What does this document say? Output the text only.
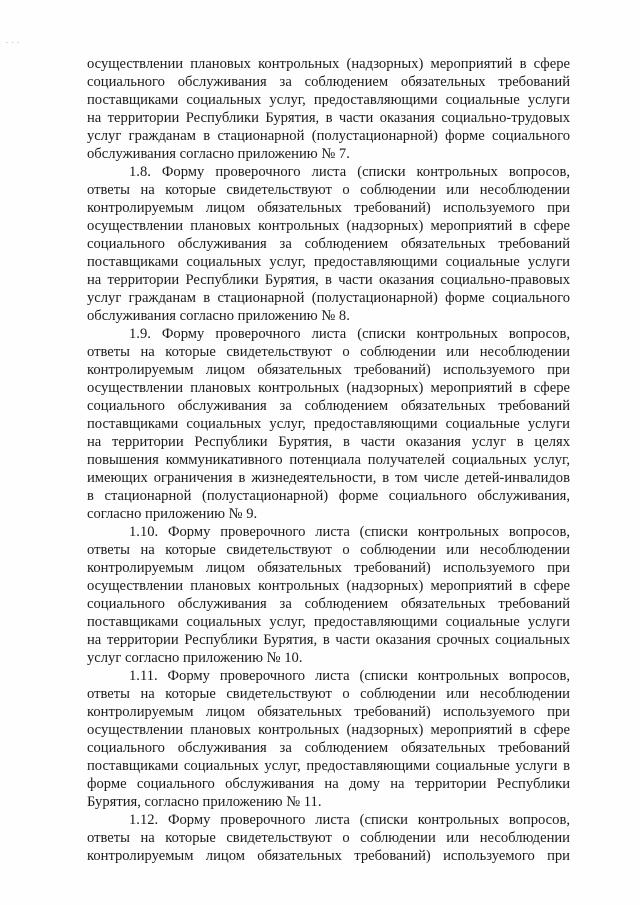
- - -
осуществлении плановых контрольных (надзорных) мероприятий в сфере
социального обслуживания за соблюдением обязательных требований
поставщиками социальных услуг, предоставляющими социальные услуги
на территории Республики Бурятия, в части оказания социально-трудовых
услуг гражданам в стационарной (полустационарной) форме социального
обслуживания согласно приложению № 7.
1.8. Форму проверочного листа (списки контрольных вопросов,
ответы на которые свидетельствуют о соблюдении или несоблюдении
контролируемым лицом обязательных требований) используемого при
осуществлении плановых контрольных (надзорных) мероприятий в сфере
социального обслуживания за соблюдением обязательных требований
поставщиками социальных услуг, предоставляющими социальные услуги
на территории Республики Бурятия, в части оказания социально-правовых
услуг гражданам в стационарной (полустационарной) форме социального
обслуживания согласно приложению № 8.
1.9. Форму проверочного листа (списки контрольных вопросов,
ответы на которые свидетельствуют о соблюдении или несоблюдении
контролируемым лицом обязательных требований) используемого при
осуществлении плановых контрольных (надзорных) мероприятий в сфере
социального обслуживания за соблюдением обязательных требований
поставщиками социальных услуг, предоставляющими социальные услуги
на территории Республики Бурятия, в части оказания услуг в целях
повышения коммуникативного потенциала получателей социальных услуг,
имеющих ограничения в жизнедеятельности, в том числе детей-инвалидов
в стационарной (полустационарной) форме социального обслуживания,
согласно приложению № 9.
1.10. Форму проверочного листа (списки контрольных вопросов,
ответы на которые свидетельствуют о соблюдении или несоблюдении
контролируемым лицом обязательных требований) используемого при
осуществлении плановых контрольных (надзорных) мероприятий в сфере
социального обслуживания за соблюдением обязательных требований
поставщиками социальных услуг, предоставляющими социальные услуги
на территории Республики Бурятия, в части оказания срочных социальных
услуг согласно приложению № 10.
1.11. Форму проверочного листа (списки контрольных вопросов,
ответы на которые свидетельствуют о соблюдении или несоблюдении
контролируемым лицом обязательных требований) используемого при
осуществлении плановых контрольных (надзорных) мероприятий в сфере
социального обслуживания за соблюдением обязательных требований
поставщиками социальных услуг, предоставляющими социальные услуги в
форме социального обслуживания на дому на территории Республики
Бурятия, согласно приложению № 11.
1.12. Форму проверочного листа (списки контрольных вопросов,
ответы на которые свидетельствуют о соблюдении или несоблюдении
контролируемым лицом обязательных требований) используемого при
